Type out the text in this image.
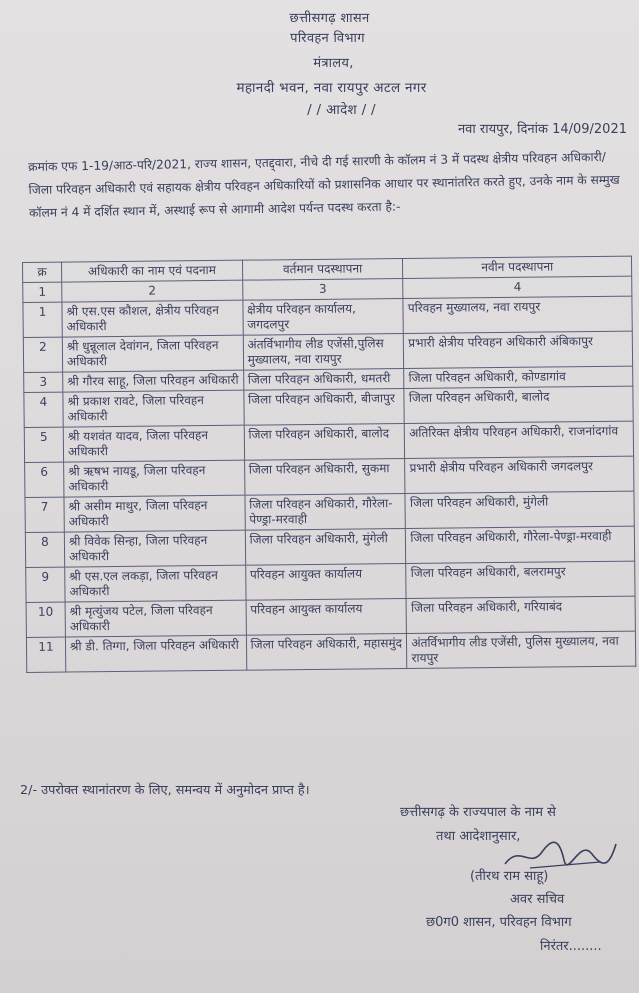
छत्तीसगढ़ शासन
परिवहन विभाग
मंत्रालय,
महानदी भवन, नवा रायपुर अटल नगर
/ / आदेश / /
नवा रायपुर, दिनांक 14/09/2021
क्रमांक एफ 1-19/आठ-परि/2021, राज्य शासन, एतद्द्वारा, नीचे दी गई सारणी के कॉलम नं 3 में पदस्थ क्षेत्रीय परिवहन अधिकारी/जिला परिवहन अधिकारी एवं सहायक क्षेत्रीय परिवहन अधिकारियों को प्रशासनिक आधार पर स्थानांतरित करते हुए, उनके नाम के सम्मुख कॉलम नं 4 में दर्शित स्थान में, अस्थाई रूप से आगामी आदेश पर्यन्त पदस्थ करता है:-
क्र	अधिकारी का नाम एवं पदनाम	वर्तमान पदस्थापना	नवीन पदस्थापना
1	2	3	4
1	श्री एस.एस कौशल, क्षेत्रीय परिवहन अधिकारी	क्षेत्रीय परिवहन कार्यालय, जगदलपुर	परिवहन मुख्यालय, नवा रायपुर
2	श्री धुन्नूलाल देवांगन, जिला परिवहन अधिकारी	अंतर्विभागीय लीड एजेंसी,पुलिस मुख्यालय, नवा रायपुर	प्रभारी क्षेत्रीय परिवहन अधिकारी अंबिकापुर
3	श्री गौरव साहू, जिला परिवहन अधिकारी	जिला परिवहन अधिकारी, धमतरी	जिला परिवहन अधिकारी, कोण्डागांव
4	श्री प्रकाश रावटे, जिला परिवहन अधिकारी	जिला परिवहन अधिकारी, बीजापुर	जिला परिवहन अधिकारी, बालोद
5	श्री यशवंत यादव, जिला परिवहन अधिकारी	जिला परिवहन अधिकारी, बालोद	अतिरिक्त क्षेत्रीय परिवहन अधिकारी, राजनांदगांव
6	श्री ऋषभ नायडू, जिला परिवहन अधिकारी	जिला परिवहन अधिकारी, सुकमा	प्रभारी क्षेत्रीय परिवहन अधिकारी जगदलपुर
7	श्री असीम माथुर, जिला परिवहन अधिकारी	जिला परिवहन अधिकारी, गौरेला-पेण्ड्रा-मरवाही	जिला परिवहन अधिकारी, मुंगेली
8	श्री विवेक सिन्हा, जिला परिवहन अधिकारी	जिला परिवहन अधिकारी, मुंगेली	जिला परिवहन अधिकारी, गौरेला-पेण्ड्रा-मरवाही
9	श्री एस.एल लकड़ा, जिला परिवहन अधिकारी	परिवहन आयुक्त कार्यालय	जिला परिवहन अधिकारी, बलरामपुर
10	श्री मृत्युंजय पटेल, जिला परिवहन अधिकारी	परिवहन आयुक्त कार्यालय	जिला परिवहन अधिकारी, गरियाबंद
11	श्री डी. तिग्गा, जिला परिवहन अधिकारी	जिला परिवहन अधिकारी, महासमुंद	अंतर्विभागीय लीड एजेंसी, पुलिस मुख्यालय, नवा रायपुर
2/- उपरोक्त स्थानांतरण के लिए, समन्वय में अनुमोदन प्राप्त है।
छत्तीसगढ़ के राज्यपाल के नाम से
तथा आदेशानुसार,
(तीरथ राम साहू)
अवर सचिव
छ0ग0 शासन, परिवहन विभाग
निरंतर........
